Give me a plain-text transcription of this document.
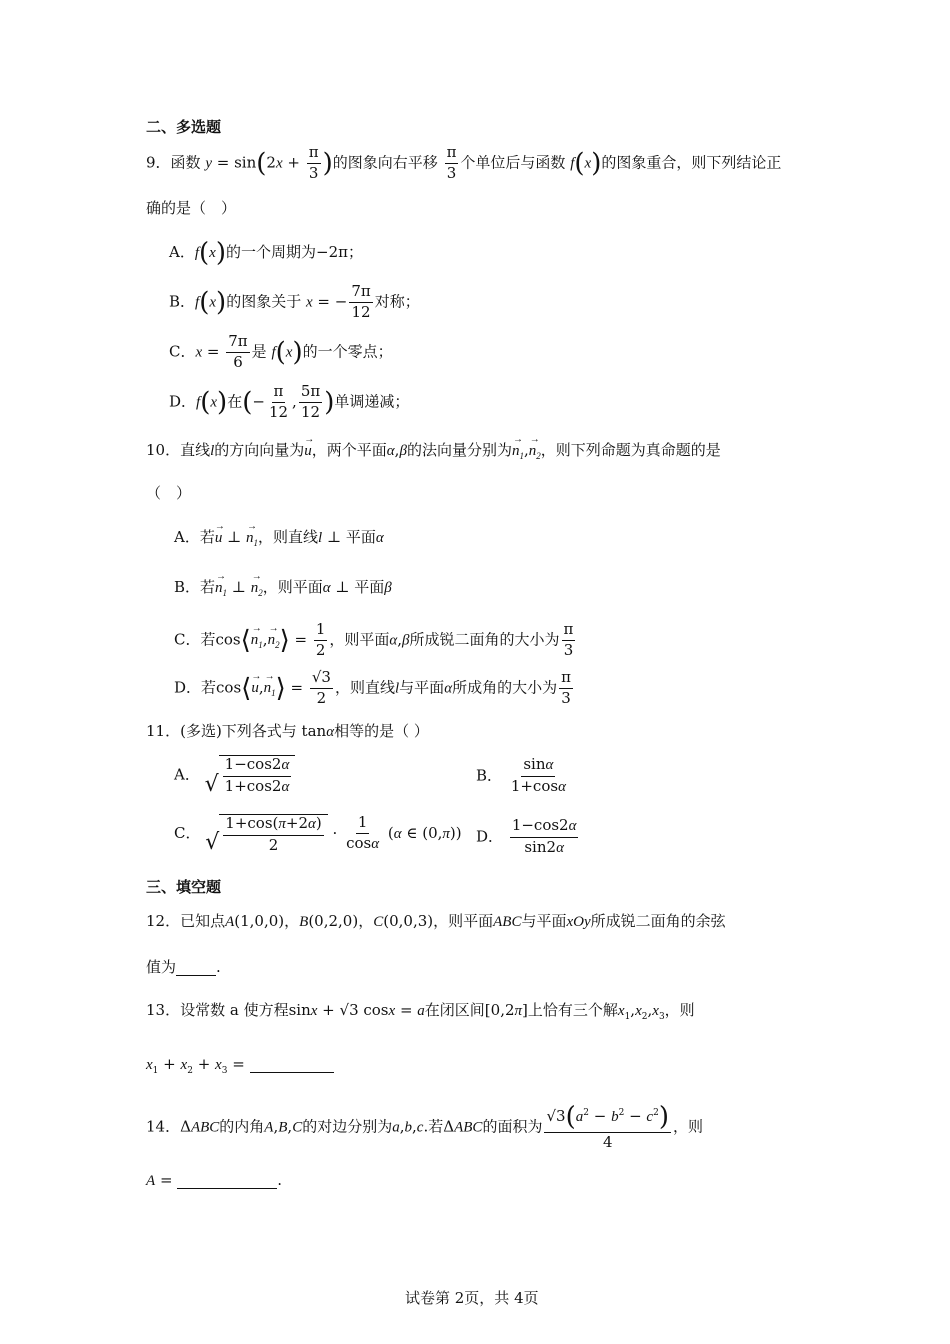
二、多选题
9．函数 $y = \sin(2x + \frac{\pi}{3}$ )的图象向右平移 $\frac{\pi}{3}$ 个单位后与函数 f(x)的图象重合，则下列结论正
确的是（　）
A．f(x)的一个周期为−2π；
B．f(x)的图象关于 x = − $\frac{7\pi}{12}$ 对称；
C．$x = \frac{7\pi}{6}$ 是 f(x)的一个零点；
D．f(x)在(− $\frac{\pi}{12}$ , $\frac{5\pi}{12}$ )单调递减；
10．直线l的方向向量为→ u，两个平面α,β的法向量分别为→ $n_1,\to n_2$，则下列命题为真命题的是
（　）
A．若→ u ⊥ → $n_1$，则直线l ⊥ 平面α
B．若→ $n_1$ ⊥ → $n_2$，则平面α ⊥ 平面β
C．若cos⟨→ $n_1,\to$ $n_2⟩ = \frac{1}{2}$ ，则平面α,β所成锐二面角的大小为 $\frac{\pi}{3}$
D．若cos⟨→ $u,\to n_1⟩ = \frac{√3}{2}$ ，则直线l与平面α所成角的大小为 $\frac{\pi}{3}$
11．(多选)下列各式与 tanα相等的是（ ）
A． √ $\frac{1-\cos 2\alpha}{1+\cos 2\alpha}$	B． $\frac{\sin\alpha}{1+\cos\alpha}$
C． √ $\frac{1+\cos(\pi+2\alpha)}{2} \cdot \frac{1}{\cos\alpha} (\alpha$ ∈ (0,π)) D． $\frac{1-\cos 2\alpha}{\sin 2\alpha}$
三、填空题
12．已知点A(1,0,0)，B(0,2,0)，C(0,0,3)，则平面ABC与平面xOy所成锐二面角的余弦
值为	.
13．设常数 a 使方程sinx + √3 cosx = a在闭区间[0,2π]上恰有三个解$x_1,x_2,x_3$，则
$x_1 + x_2 + x_3$ =
14．ΔABC的内角A,B,C的对边分别为a,b,c.若ΔABC的面积为 $\frac{√3(a^2 - b^2 - c^2)}{4}$ ，则
A =	.
试卷第 2页，共 4页
